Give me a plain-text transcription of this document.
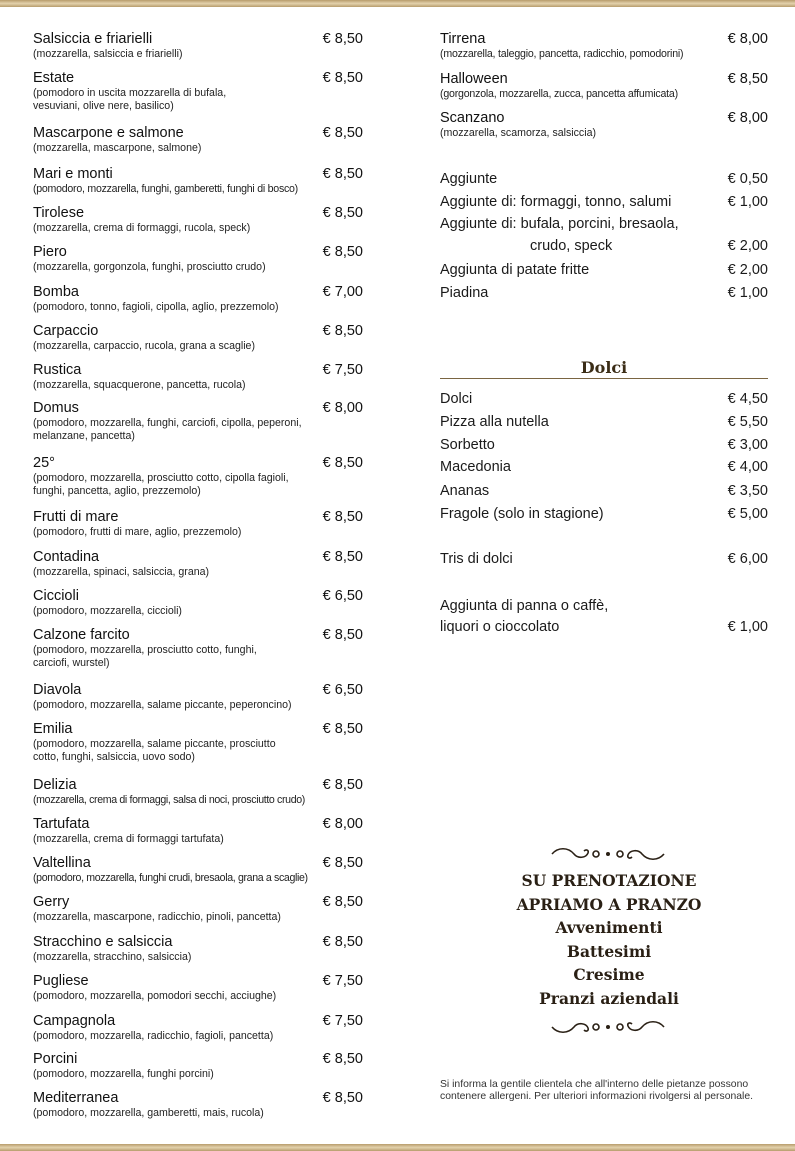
Salsiccia e friarielli	€ 8,50
(mozzarella, salsiccia e friarielli)
Estate	€ 8,50
(pomodoro in uscita mozzarella di bufala, vesuviani, olive nere, basilico)
Mascarpone e salmone	€ 8,50
(mozzarella, mascarpone, salmone)
Mari e monti	€ 8,50
(pomodoro, mozzarella, funghi, gamberetti, funghi di bosco)
Tirolese	€ 8,50
(mozzarella, crema di formaggi, rucola, speck)
Piero	€ 8,50
(mozzarella, gorgonzola, funghi, prosciutto crudo)
Bomba	€ 7,00
(pomodoro, tonno, fagioli, cipolla, aglio, prezzemolo)
Carpaccio	€ 8,50
(mozzarella, carpaccio, rucola, grana a scaglie)
Rustica	€ 7,50
(mozzarella, squacquerone, pancetta, rucola)
Domus	€ 8,00
(pomodoro, mozzarella, funghi, carciofi, cipolla, peperoni, melanzane, pancetta)
25°	€ 8,50
(pomodoro, mozzarella, prosciutto cotto, cipolla fagioli, funghi, pancetta, aglio, prezzemolo)
Frutti di mare	€ 8,50
(pomodoro, frutti di mare, aglio, prezzemolo)
Contadina	€ 8,50
(mozzarella, spinaci, salsiccia, grana)
Ciccioli	€ 6,50
(pomodoro, mozzarella, ciccioli)
Calzone farcito	€ 8,50
(pomodoro, mozzarella, prosciutto cotto, funghi, carciofi, wurstel)
Diavola	€ 6,50
(pomodoro, mozzarella, salame piccante, peperoncino)
Emilia	€ 8,50
(pomodoro, mozzarella, salame piccante, prosciutto cotto, funghi, salsiccia, uovo sodo)
Delizia	€ 8,50
(mozzarella, crema di formaggi, salsa di noci, prosciutto crudo)
Tartufata	€ 8,00
(mozzarella, crema di formaggi tartufata)
Valtellina	€ 8,50
(pomodoro, mozzarella, funghi crudi, bresaola, grana a scaglie)
Gerry	€ 8,50
(mozzarella, mascarpone, radicchio, pinoli, pancetta)
Stracchino e salsiccia	€ 8,50
(mozzarella, stracchino, salsiccia)
Pugliese	€ 7,50
(pomodoro, mozzarella, pomodori secchi, acciughe)
Campagnola	€ 7,50
(pomodoro, mozzarella, radicchio, fagioli, pancetta)
Porcini	€ 8,50
(pomodoro, mozzarella, funghi porcini)
Mediterranea	€ 8,50
(pomodoro, mozzarella, gamberetti, mais, rucola)
Tirrena	€ 8,00
(mozzarella, taleggio, pancetta, radicchio, pomodorini)
Halloween	€ 8,50
(gorgonzola, mozzarella, zucca, pancetta affumicata)
Scanzano	€ 8,00
(mozzarella, scamorza, salsiccia)
Aggiunte	€ 0,50
Aggiunte di: formaggi, tonno, salumi	€ 1,00
Aggiunte di: bufala, porcini, bresaola,
crudo, speck	€ 2,00
Aggiunta di patate fritte	€ 2,00
Piadina	€ 1,00
Dolci
Dolci	€ 4,50
Pizza alla nutella	€ 5,50
Sorbetto	€ 3,00
Macedonia	€ 4,00
Ananas	€ 3,50
Fragole (solo in stagione)	€ 5,00
Tris di dolci	€ 6,00
Aggiunta di panna o caffè,
liquori o cioccolato	€ 1,00
SU PRENOTAZIONE
APRIAMO A PRANZO
Avvenimenti
Battesimi
Cresime
Pranzi aziendali
Si informa la gentile clientela che all'interno delle pietanze possono contenere allergeni. Per ulteriori informazioni rivolgersi al personale.
